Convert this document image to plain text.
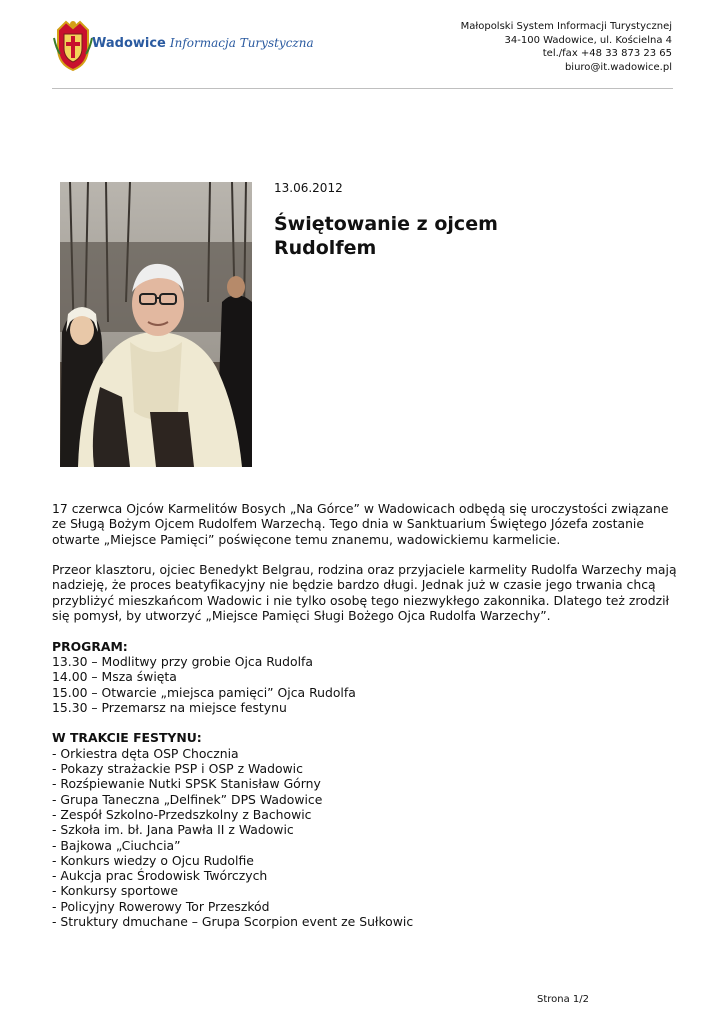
Wadowice Informacja Turystyczna
Małopolski System Informacji Turystycznej
34-100 Wadowice, ul. Kościelna 4
tel./fax +48 33 873 23 65
biuro@it.wadowice.pl
13.06.2012
Świętowanie z ojcem Rudolfem

17 czerwca Ojców Karmelitów Bosych „Na Górce” w Wadowicach odbędą się uroczystości związane ze Sługą Bożym Ojcem Rudolfem Warzechą. Tego dnia w Sanktuarium Świętego Józefa zostanie otwarte „Miejsce Pamięci” poświęcone temu znanemu, wadowickiemu karmelicie.

Przeor klasztoru, ojciec Benedykt Belgrau, rodzina oraz przyjaciele karmelity Rudolfa Warzechy mają nadzieję, że proces beatyfikacyjny nie będzie bardzo długi. Jednak już w czasie jego trwania chcą przybliżyć mieszkańcom Wadowic i nie tylko osobę tego niezwykłego zakonnika. Dlatego też zrodził się pomysł, by utworzyć „Miejsce Pamięci Sługi Bożego Ojca Rudolfa Warzechy”.

PROGRAM:
13.30 – Modlitwy przy grobie Ojca Rudolfa
14.00 – Msza święta
15.00 – Otwarcie „miejsca pamięci” Ojca Rudolfa
15.30 – Przemarsz na miejsce festynu
W TRAKCIE FESTYNU:
- Orkiestra dęta OSP Chocznia
- Pokazy strażackie PSP i OSP z Wadowic
- Rozśpiewanie Nutki SPSK Stanisław Górny
- Grupa Taneczna „Delfinek” DPS Wadowice
- Zespół Szkolno-Przedszkolny z Bachowic
- Szkoła im. bł. Jana Pawła II z Wadowic
- Bajkowa „Ciuchcia”
- Konkurs wiedzy o Ojcu Rudolfie
- Aukcja prac Środowisk Twórczych
- Konkursy sportowe
- Policyjny Rowerowy Tor Przeszkód
- Struktury dmuchane – Grupa Scorpion event ze Sułkowic
Strona 1/2
